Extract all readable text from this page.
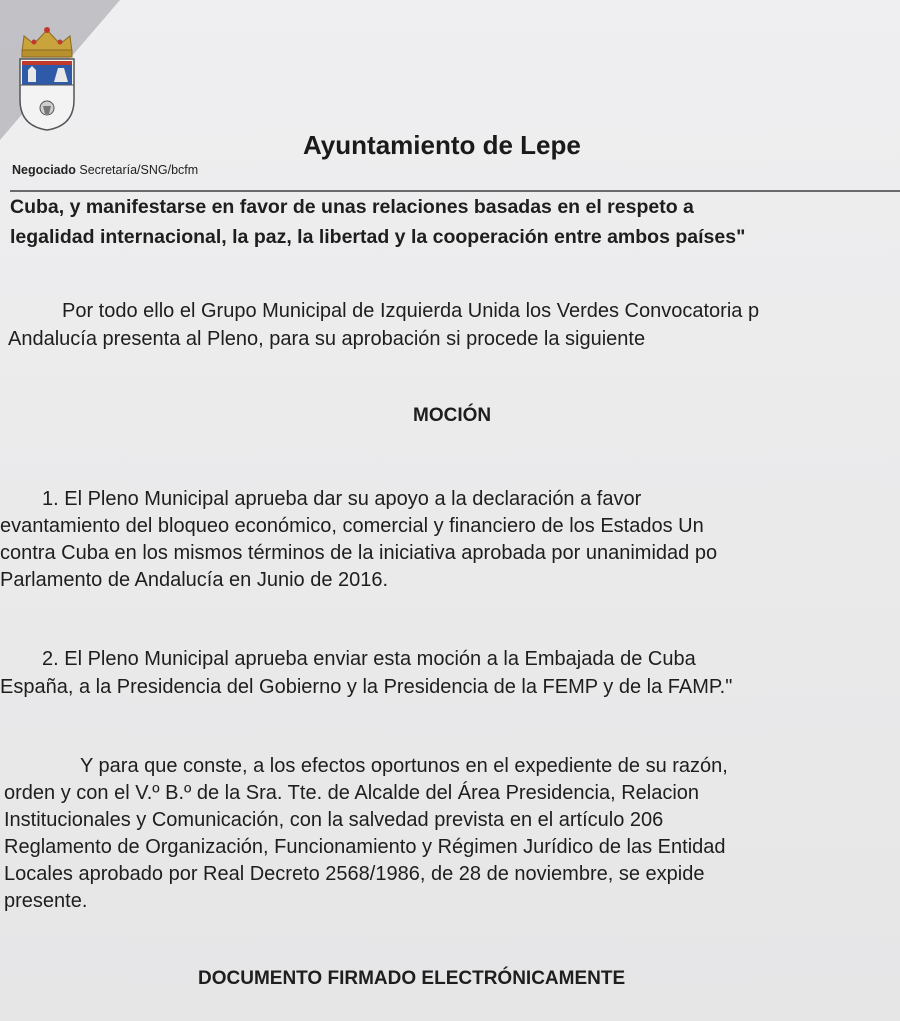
Ayuntamiento de Lepe
Negociado Secretaría/SNG/bcfm
Cuba, y manifestarse en favor de unas relaciones basadas en el respeto a
legalidad internacional, la paz, la libertad y la cooperación entre ambos países"
Por todo ello el Grupo Municipal de Izquierda Unida los Verdes Convocatoria p
Andalucía presenta al Pleno, para su aprobación si procede la siguiente
MOCIÓN
1. El Pleno Municipal aprueba dar su apoyo a la declaración a favor
evantamiento del bloqueo económico, comercial y financiero de los Estados Un
contra Cuba en los mismos términos de la iniciativa aprobada por unanimidad po
Parlamento de Andalucía en Junio de 2016.
2. El Pleno Municipal aprueba enviar esta moción a la Embajada de Cuba
España, a la Presidencia del Gobierno y la Presidencia de la FEMP y de la FAMP."
Y para que conste, a los efectos oportunos en el expediente de su razón,
orden y con el V.º B.º de la Sra. Tte. de Alcalde del Área Presidencia, Relacion
Institucionales y Comunicación, con la salvedad prevista en el artículo 206
Reglamento de Organización, Funcionamiento y Régimen Jurídico de las Entidad
Locales aprobado por Real Decreto 2568/1986, de 28 de noviembre, se expide
presente.
DOCUMENTO FIRMADO ELECTRÓNICAMENTE
